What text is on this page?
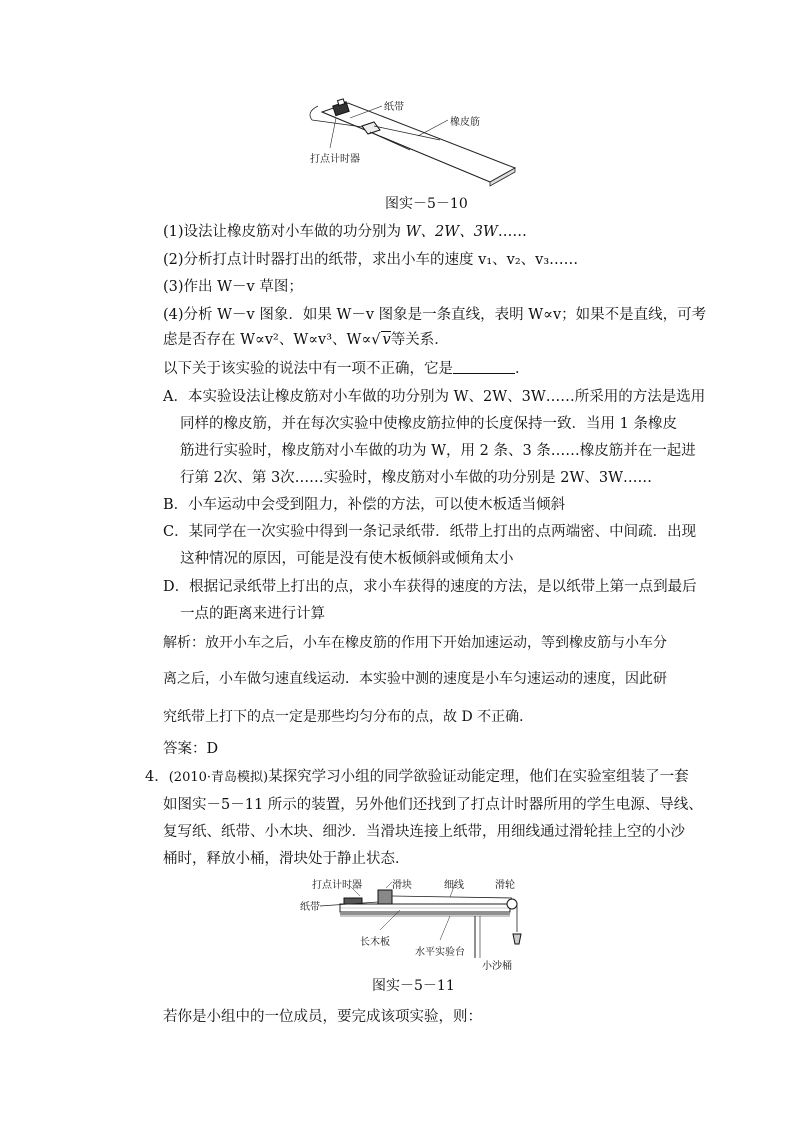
纸带
橡皮筋
打点计时器
图实－5－10
(1)设法让橡皮筋对小车做的功分别为 W、2W、3W……
(2)分析打点计时器打出的纸带，求出小车的速度 v₁、v₂、v₃……
(3)作出 W－v 草图；
(4)分析 W－v 图象．如果 W－v 图象是一条直线，表明 W∝v；如果不是直线，可考
虑是否存在 W∝v²、W∝v³、W∝√ v等关系．
以下关于该实验的说法中有一项不正确，它是	．
A．本实验设法让橡皮筋对小车做的功分别为 W、2W、3W……所采用的方法是选用
同样的橡皮筋，并在每次实验中使橡皮筋拉伸的长度保持一致．当用 1 条橡皮
筋进行实验时，橡皮筋对小车做的功为 W，用 2 条、3 条……橡皮筋并在一起进
行第 2次、第 3次……实验时，橡皮筋对小车做的功分别是 2W、3W……
B．小车运动中会受到阻力，补偿的方法，可以使木板适当倾斜
C．某同学在一次实验中得到一条记录纸带．纸带上打出的点两端密、中间疏．出现
这种情况的原因，可能是没有使木板倾斜或倾角太小
D．根据记录纸带上打出的点，求小车获得的速度的方法，是以纸带上第一点到最后
一点的距离来进行计算
解析：放开小车之后，小车在橡皮筋的作用下开始加速运动，等到橡皮筋与小车分
离之后，小车做匀速直线运动．本实验中测的速度是小车匀速运动的速度，因此研
究纸带上打下的点一定是那些均匀分布的点，故 D 不正确．
答案：D
4．(2010·青岛模拟)某探究学习小组的同学欲验证动能定理，他们在实验室组装了一套
如图实－5－11 所示的装置，另外他们还找到了打点计时器所用的学生电源、导线、
复写纸、纸带、小木块、细沙．当滑块连接上纸带，用细线通过滑轮挂上空的小沙
桶时，释放小桶，滑块处于静止状态．
打点计时器	滑块	细线	滑轮
纸带
长木板
水平实验台
小沙桶
图实－5－11
若你是小组中的一位成员，要完成该项实验，则：
